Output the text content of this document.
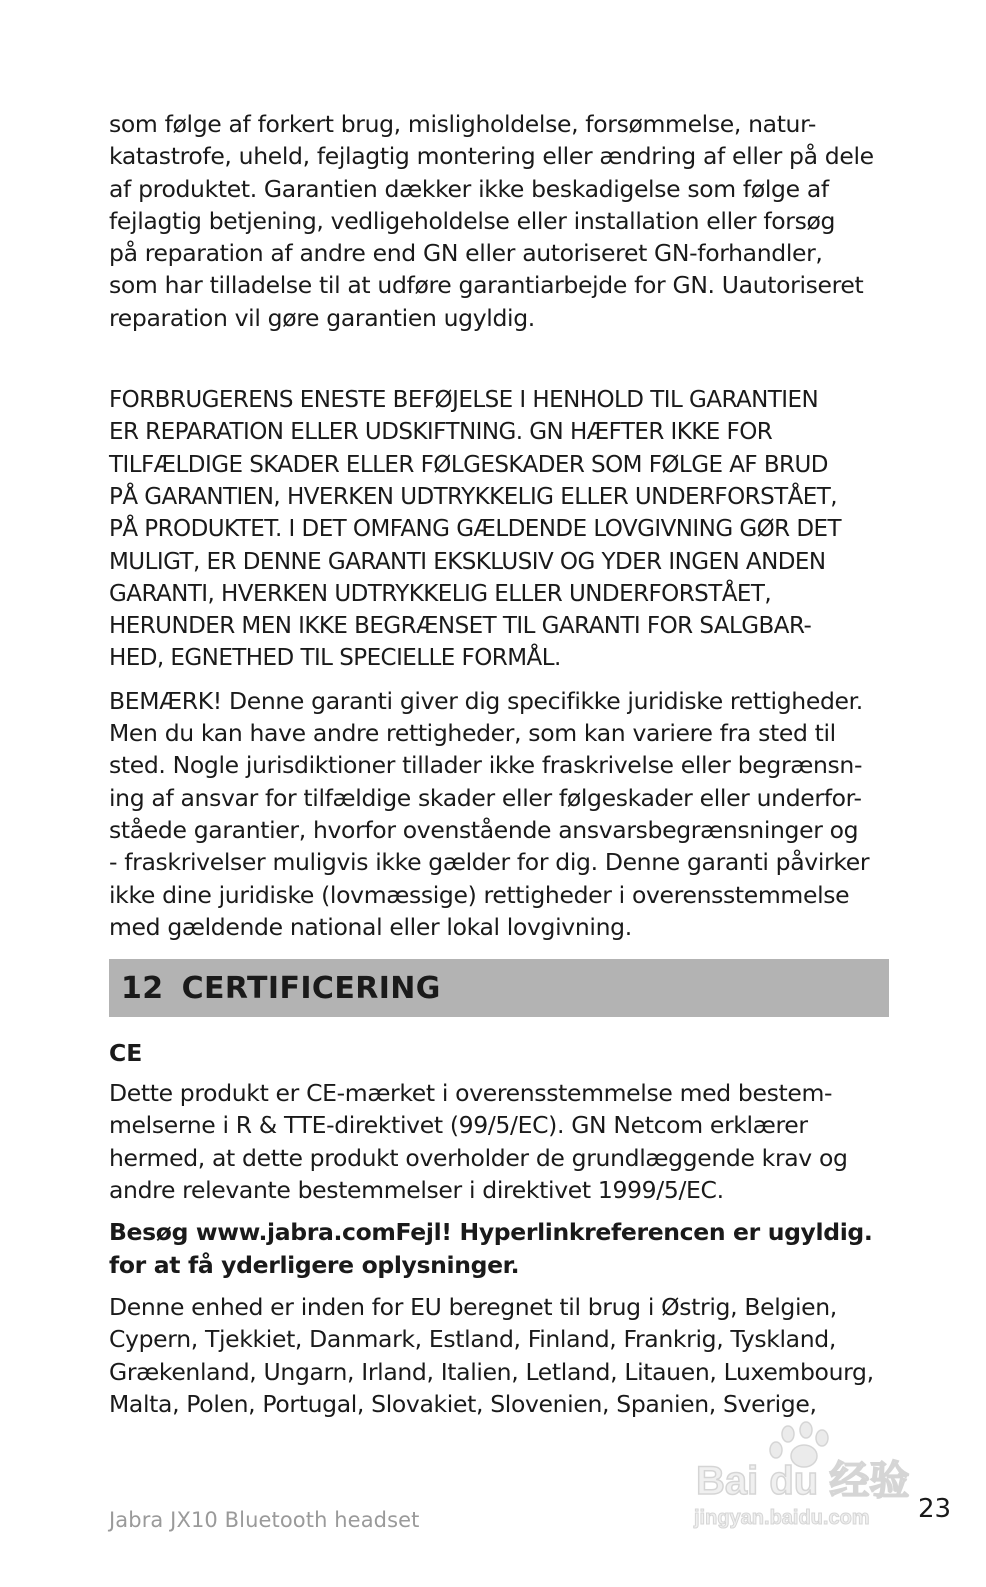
som følge af forkert brug, misligholdelse, forsømmelse, natur-
katastrofe, uheld, fejlagtig montering eller ændring af eller på dele
af produktet. Garantien dækker ikke beskadigelse som følge af
fejlagtig betjening, vedligeholdelse eller installation eller forsøg
på reparation af andre end GN eller autoriseret GN-forhandler,
som har tilladelse til at udføre garantiarbejde for GN. Uautoriseret
reparation vil gøre garantien ugyldig.

FORBRUGERENS ENESTE BEFØJELSE I HENHOLD TIL GARANTIEN
ER REPARATION ELLER UDSKIFTNING. GN HÆFTER IKKE FOR
TILFÆLDIGE SKADER ELLER FØLGESKADER SOM FØLGE AF BRUD
PÅ GARANTIEN, HVERKEN UDTRYKKELIG ELLER UNDERFORSTÅET,
PÅ PRODUKTET. I DET OMFANG GÆLDENDE LOVGIVNING GØR DET
MULIGT, ER DENNE GARANTI EKSKLUSIV OG YDER INGEN ANDEN
GARANTI, HVERKEN UDTRYKKELIG ELLER UNDERFORSTÅET,
HERUNDER MEN IKKE BEGRÆNSET TIL GARANTI FOR SALGBAR-
HED, EGNETHED TIL SPECIELLE FORMÅL.

BEMÆRK! Denne garanti giver dig specifikke juridiske rettigheder.
Men du kan have andre rettigheder, som kan variere fra sted til
sted. Nogle jurisdiktioner tillader ikke fraskrivelse eller begrænsn-
ing af ansvar for tilfældige skader eller følgeskader eller underfor-
ståede garantier, hvorfor ovenstående ansvarsbegrænsninger og
- fraskrivelser muligvis ikke gælder for dig. Denne garanti påvirker
ikke dine juridiske (lovmæssige) rettigheder i overensstemmelse
med gældende national eller lokal lovgivning.

12 CERTIFICERING

CE

Dette produkt er CE-mærket i overensstemmelse med bestem-
melserne i R & TTE-direktivet (99/5/EC). GN Netcom erklærer
hermed, at dette produkt overholder de grundlæggende krav og
andre relevante bestemmelser i direktivet 1999/5/EC.

Besøg www.jabra.comFejl! Hyperlinkreferencen er ugyldig.
for at få yderligere oplysninger.

Denne enhed er inden for EU beregnet til brug i Østrig, Belgien,
Cypern, Tjekkiet, Danmark, Estland, Finland, Frankrig, Tyskland,
Grækenland, Ungarn, Irland, Italien, Letland, Litauen, Luxembourg,
Malta, Polen, Portugal, Slovakiet, Slovenien, Spanien, Sverige,

Bai du 经验
jingyan.baidu.com
Jabra JX10 Bluetooth headset	23
